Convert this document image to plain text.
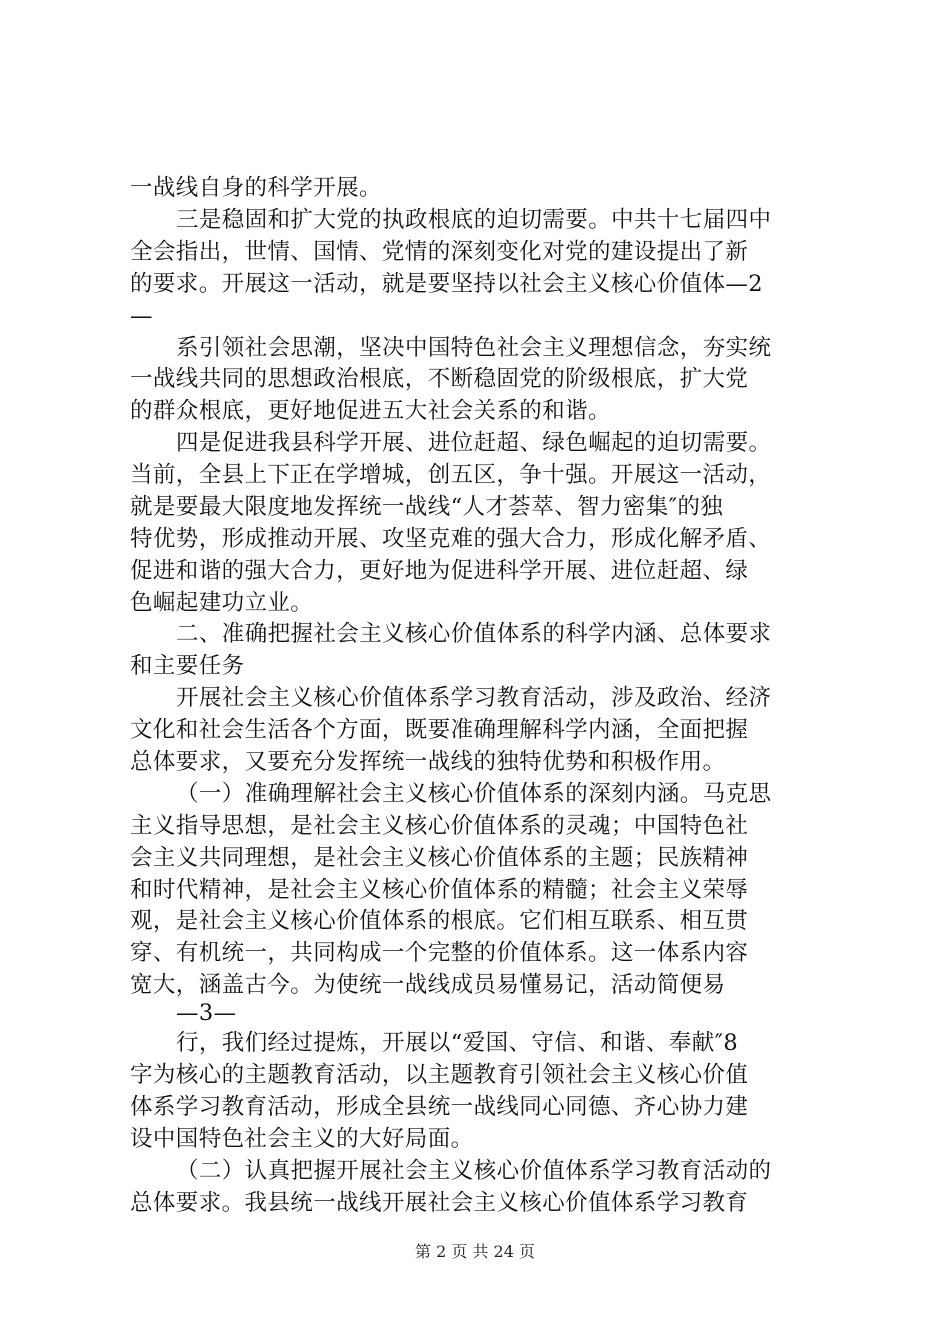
一战线自身的科学开展。
三是稳固和扩大党的执政根底的迫切需要。中共十七届四中
全会指出，世情、国情、党情的深刻变化对党的建设提出了新
的要求。开展这一活动，就是要坚持以社会主义核心价值体—2
—
系引领社会思潮，坚决中国特色社会主义理想信念，夯实统
一战线共同的思想政治根底，不断稳固党的阶级根底，扩大党
的群众根底，更好地促进五大社会关系的和谐。
四是促进我县科学开展、进位赶超、绿色崛起的迫切需要。
当前，全县上下正在学增城，创五区，争十强。开展这一活动，
就是要最大限度地发挥统一战线“人才荟萃、智力密集″的独
特优势，形成推动开展、攻坚克难的强大合力，形成化解矛盾、
促进和谐的强大合力，更好地为促进科学开展、进位赶超、绿
色崛起建功立业。
二、准确把握社会主义核心价值体系的科学内涵、总体要求
和主要任务
开展社会主义核心价值体系学习教育活动，涉及政治、经济
文化和社会生活各个方面，既要准确理解科学内涵，全面把握
总体要求，又要充分发挥统一战线的独特优势和积极作用。
（一）准确理解社会主义核心价值体系的深刻内涵。马克思
主义指导思想，是社会主义核心价值体系的灵魂；中国特色社
会主义共同理想，是社会主义核心价值体系的主题；民族精神
和时代精神，是社会主义核心价值体系的精髓；社会主义荣辱
观，是社会主义核心价值体系的根底。它们相互联系、相互贯
穿、有机统一，共同构成一个完整的价值体系。这一体系内容
宽大，涵盖古今。为使统一战线成员易懂易记，活动简便易
—3—
行，我们经过提炼，开展以“爱国、守信、和谐、奉献″8
字为核心的主题教育活动，以主题教育引领社会主义核心价值
体系学习教育活动，形成全县统一战线同心同德、齐心协力建
设中国特色社会主义的大好局面。
（二）认真把握开展社会主义核心价值体系学习教育活动的
总体要求。我县统一战线开展社会主义核心价值体系学习教育
第 2 页 共 24 页
